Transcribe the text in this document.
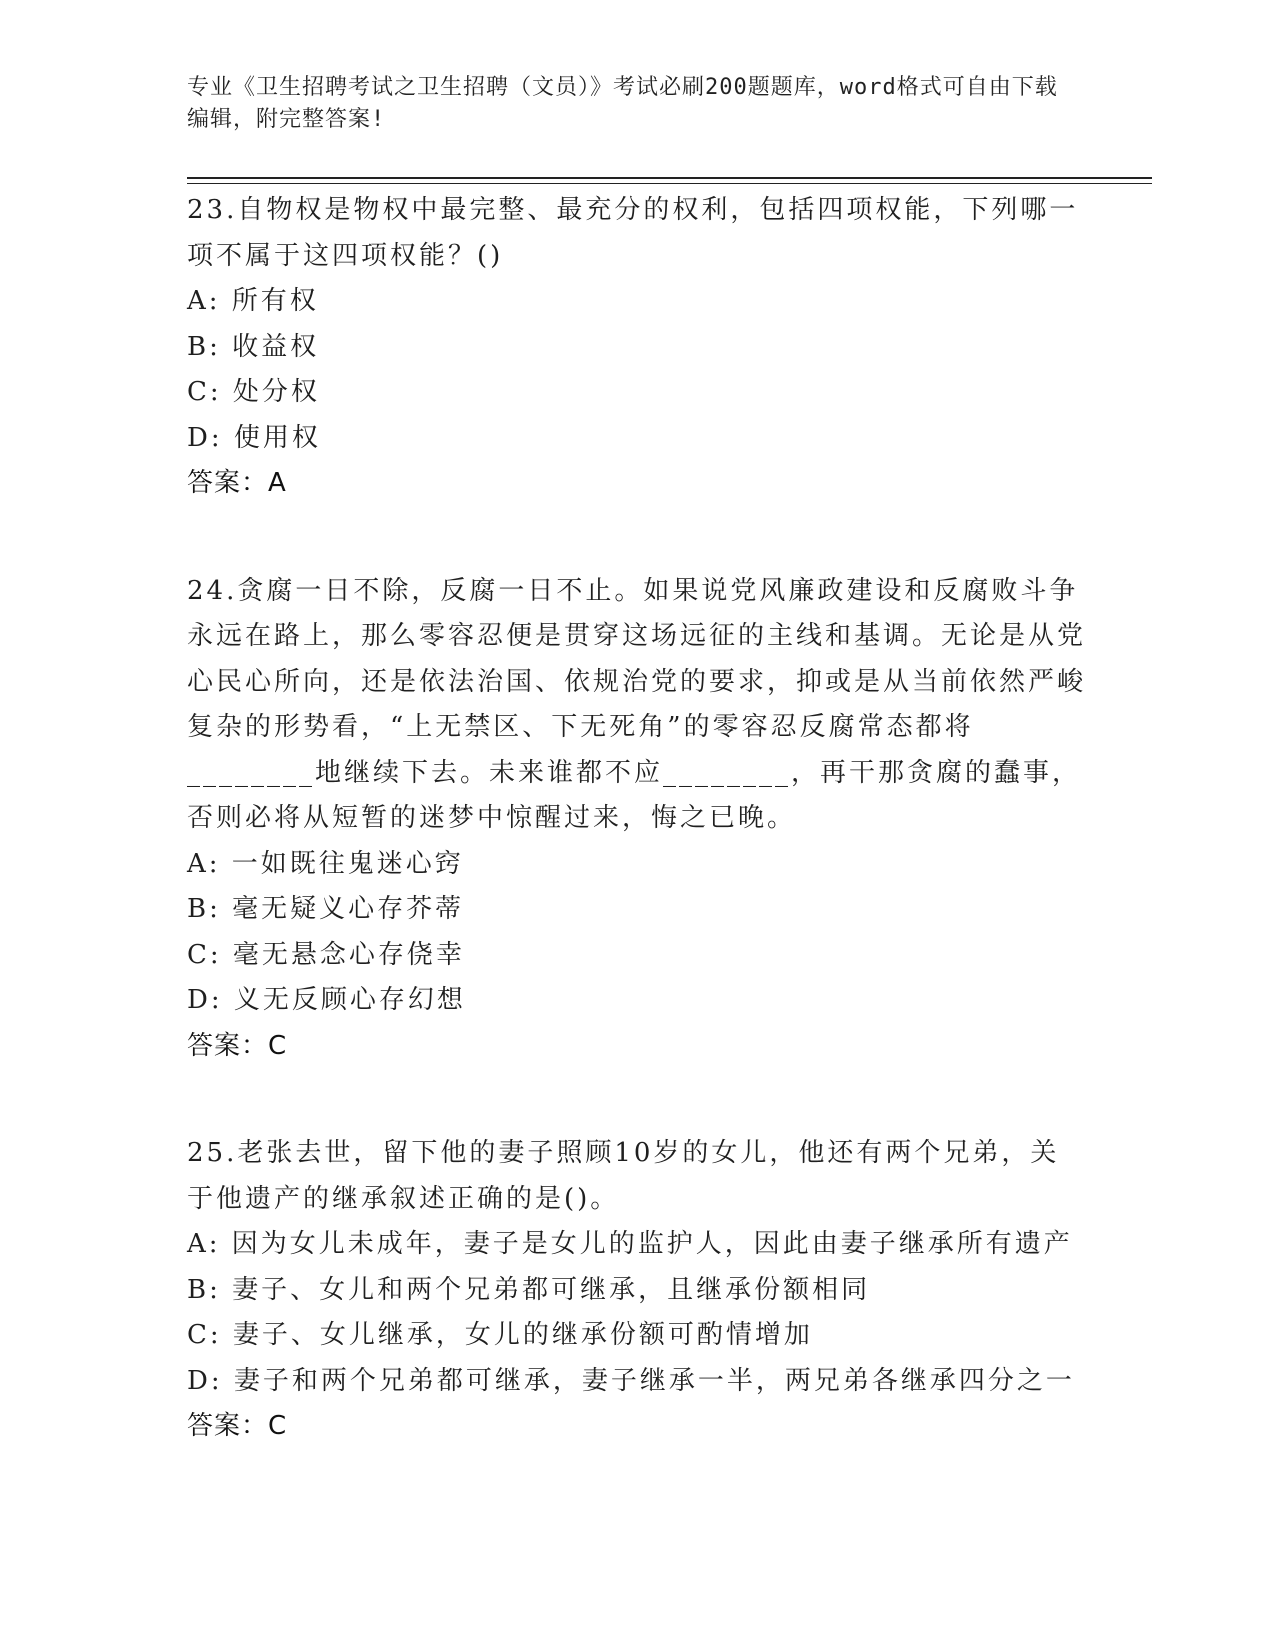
专业《卫生招聘考试之卫生招聘（文员）》考试必刷200题题库，word格式可自由下载编辑，附完整答案!

23.自物权是物权中最完整、最充分的权利，包括四项权能，下列哪一项不属于这四项权能？()

A: 所有权

B: 收益权

C: 处分权

D: 使用权

答案：A

24.贪腐一日不除，反腐一日不止。如果说党风廉政建设和反腐败斗争永远在路上，那么零容忍便是贯穿这场远征的主线和基调。无论是从党心民心所向，还是依法治国、依规治党的要求，抑或是从当前依然严峻复杂的形势看，“上无禁区、下无死角”的零容忍反腐常态都将________地继续下去。未来谁都不应________，再干那贪腐的蠢事，否则必将从短暂的迷梦中惊醒过来，悔之已晚。

A: 一如既往鬼迷心窍

B: 毫无疑义心存芥蒂

C: 毫无悬念心存侥幸

D: 义无反顾心存幻想

答案：C

25.老张去世，留下他的妻子照顾10岁的女儿，他还有两个兄弟，关于他遗产的继承叙述正确的是()。

A: 因为女儿未成年，妻子是女儿的监护人，因此由妻子继承所有遗产

B: 妻子、女儿和两个兄弟都可继承，且继承份额相同

C: 妻子、女儿继承，女儿的继承份额可酌情增加

D: 妻子和两个兄弟都可继承，妻子继承一半，两兄弟各继承四分之一

答案：C
